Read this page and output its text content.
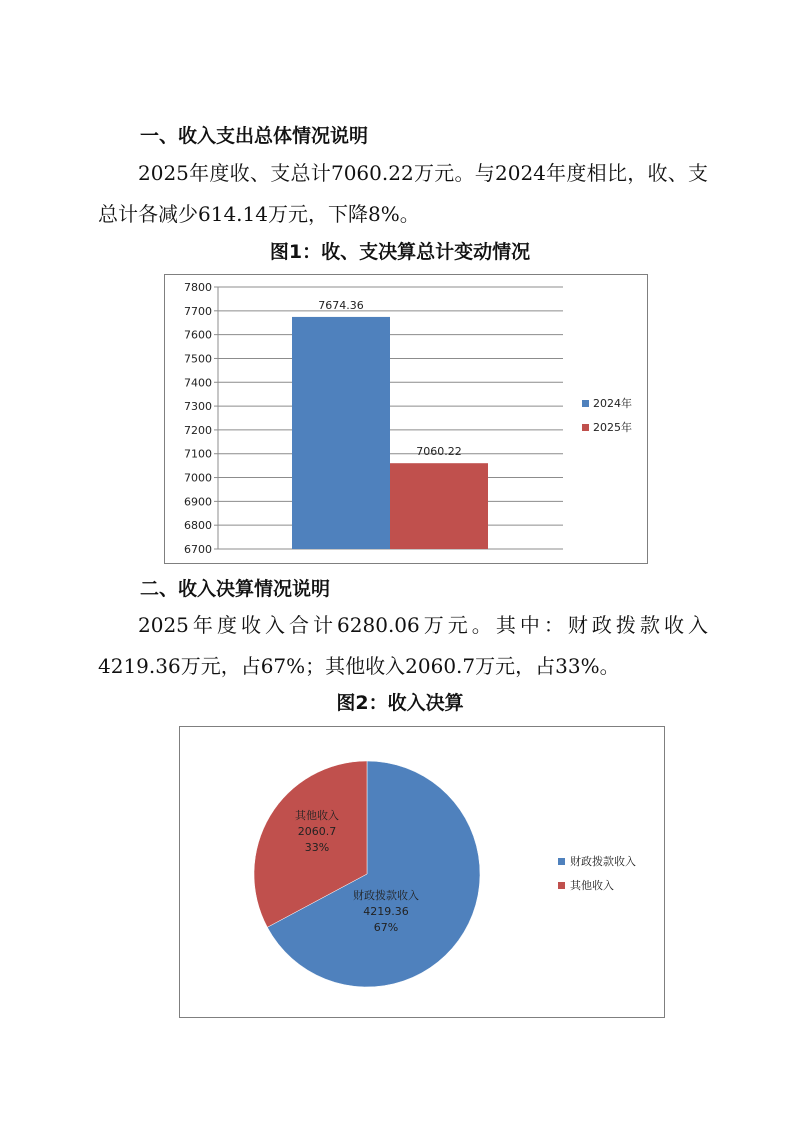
一、收入支出总体情况说明

2025年度收、支总计7060.22万元。与2024年度相比，收、支总计各减少614.14万元，下降8%。

图1：收、支决算总计变动情况
6700
6800
6900
7000
7100
7200
7300
7400
7500
7600
7700
7800
7674.36
7060.22
2024年
2025年
二、收入决算情况说明

2025年度收入合计6280.06万元。其中：财政拨款收入4219.36万元，占67%；其他收入2060.7万元，占33%。

图2：收入决算
财政拨款收入
4219.36
67%
其他收入
2060.7
33%
财政拨款收入
其他收入
